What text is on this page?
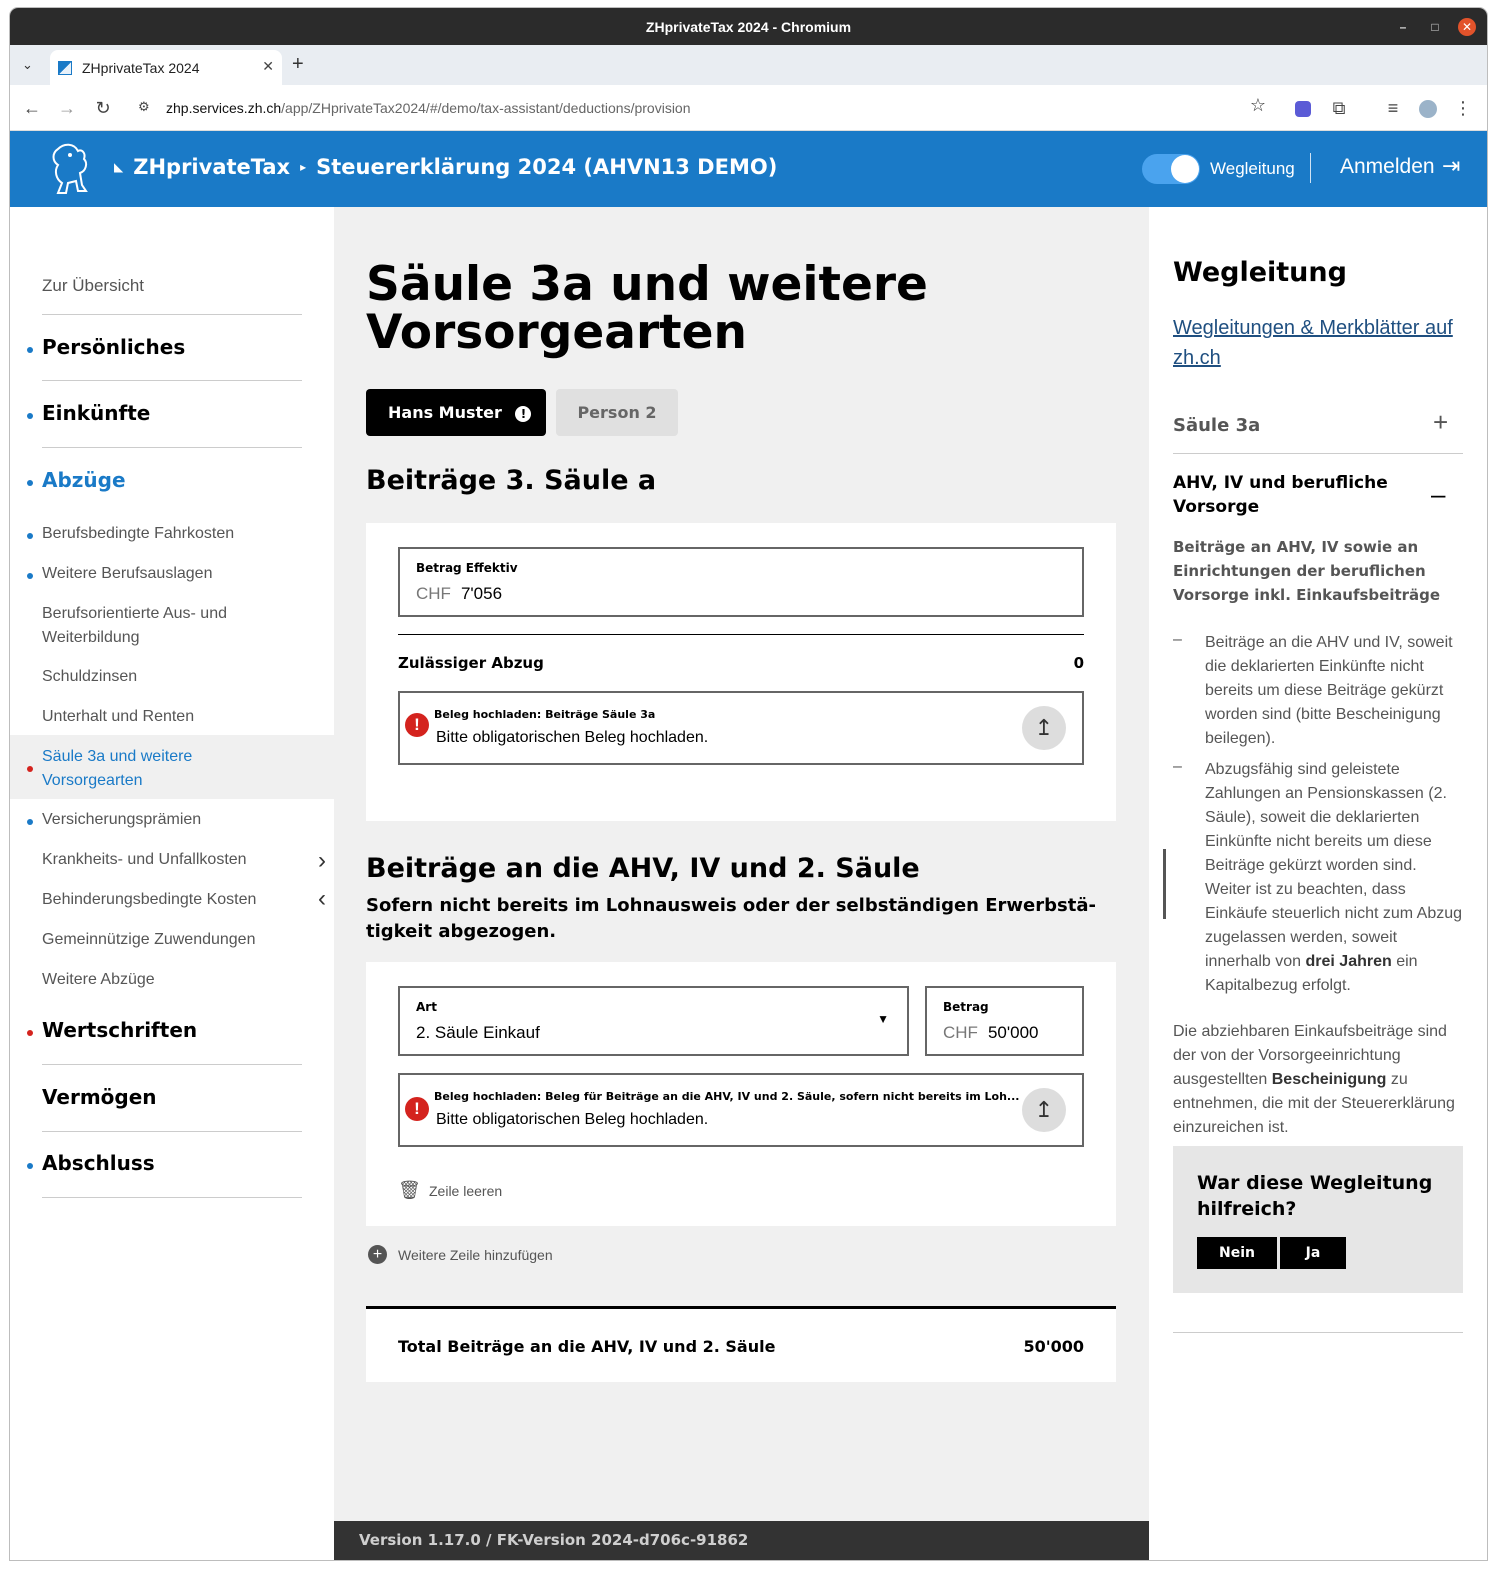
ZHprivateTax 2024 - Chromium	–	□	✕
⌄	ZHprivateTax 2024	✕ +
← →	↻	⚙ zhp.services.zh.ch /app/ZHprivateTax2024/#/demo/tax-assistant/deductions/provision	☆	⧉	≡	⋮
◣ ZHprivateTax ▸ Steuererklärung 2024 (AHVN13 DEMO)	Wegleitung Anmelden ⇥
Zur Übersicht
Persönliches
Einkünfte
Abzüge
Berufsbedingte Fahrkosten
Weitere Berufsauslagen
Berufsorientierte Aus- und Weiterbildung
Schuldzinsen
Unterhalt und Renten
Säule 3a und weitere Vorsorgearten
Versicherungsprämien
Krankheits- und Unfallkosten
Behinderungsbedingte Kosten
Gemeinnützige Zuwendungen
Weitere Abzüge
›
‹
Wertschriften
Vermögen
Abschluss
Säule 3a und weitere Vorsorgearten
Hans Muster !	Person 2
Beiträge 3. Säule a
Betrag Effektiv
CHF 7'056
Zulässiger Abzug	0
!
Beleg hochladen: Beiträge Säule 3a
Bitte obligatorischen Beleg hochladen.	↥
Beiträge an die AHV, IV und 2. Säule
Sofern nicht bereits im Lohnausweis oder der selbständigen Erwerbstätigkeit abgezogen.
Art
2. Säule Einkauf
▼
Betrag
CHF 50'000
!
Beleg hochladen: Beleg für Beiträge an die AHV, IV und 2. Säule, sofern nicht bereits im Loh...
Bitte obligatorischen Beleg hochladen.	↥
🗑 Zeile leeren
+	Weitere Zeile hinzufügen
Total Beiträge an die AHV, IV und 2. Säule	50'000
Wegleitung
Wegleitungen & Merkblätter auf zh.ch
Säule 3a	+
AHV, IV und berufliche Vorsorge	–
Beiträge an AHV, IV sowie an Einrichtungen der beruflichen Vorsorge inkl. Einkaufsbeiträge
– Beiträge an die AHV und IV, soweit die deklarierten Einkünfte nicht bereits um diese Beiträge gekürzt worden sind (bitte Bescheinigung beilegen).
– Abzugsfähig sind geleistete Zahlungen an Pensionskassen (2. Säule), soweit die deklarierten Einkünfte nicht bereits um diese Beiträge gekürzt worden sind. Weiter ist zu beachten, dass Einkäufe steuerlich nicht zum Abzug zugelassen werden, soweit innerhalb von drei Jahren ein Kapitalbezug erfolgt.
Die abziehbaren Einkaufsbeiträge sind der von der Vorsorgeeinrichtung ausgestellten Bescheinigung zu entnehmen, die mit der Steuererklärung einzureichen ist.
War diese Wegleitung hilfreich?
Nein	Ja
Version 1.17.0 / FK-Version 2024-d706c-91862
